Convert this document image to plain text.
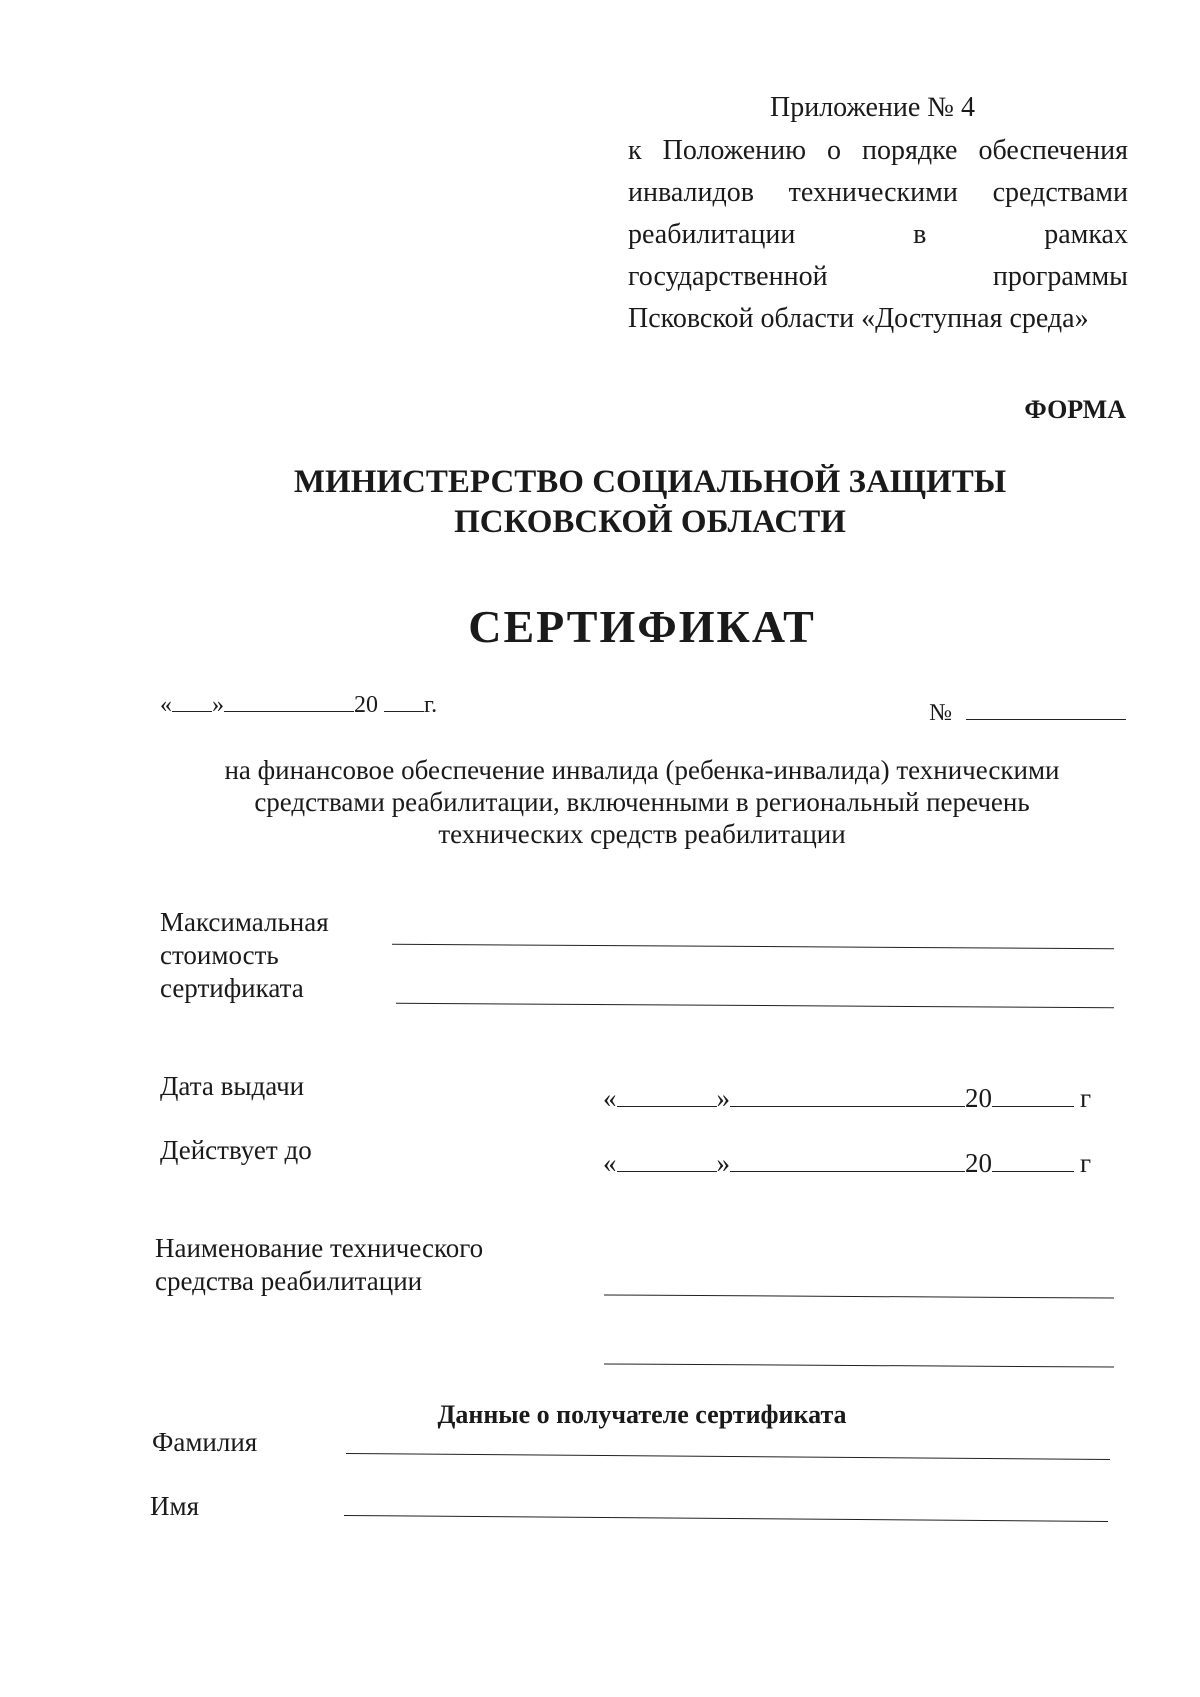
Приложение № 4
к Положению о порядке обеспечения
инвалидов техническими средствами
реабилитации	в	рамках
государственной	программы
Псковской области «Доступная среда»
ФОРМА
МИНИСТЕРСТВО СОЦИАЛЬНОЙ ЗАЩИТЫ
ПСКОВСКОЙ ОБЛАСТИ
СЕРТИФИКАТ
« »	20 г.	№
на финансовое обеспечение инвалида (ребенка-инвалида) техническими
средствами реабилитации, включенными в региональный перечень
технических средств реабилитации
Максимальная
стоимость
сертификата
Дата выдачи	«	»	20	г
Действует до	«	»	20	г
Наименование технического
средства реабилитации
Данные о получателе сертификата
Фамилия
Имя
